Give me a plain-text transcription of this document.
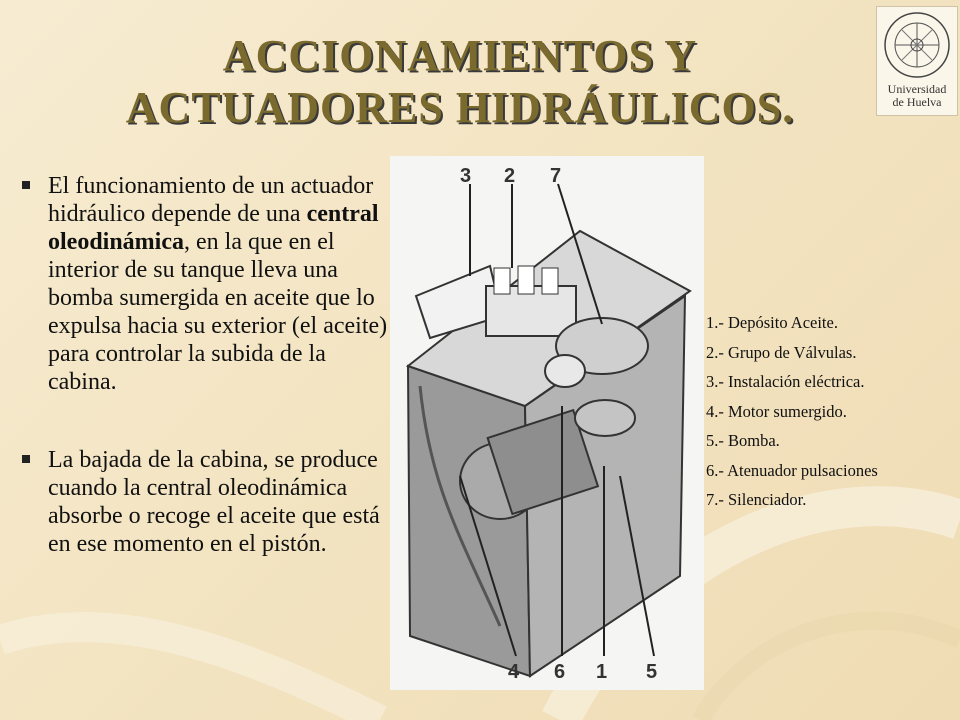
ACCIONAMIENTOS Y
ACTUADORES HIDRÁULICOS.	Universidad
de Huelva

El funcionamiento de un actuador hidráulico depende de una central oleodinámica, en la que en el interior de su tanque lleva una bomba sumergida en aceite que lo expulsa hacia su exterior (el aceite) para controlar la subida de la cabina.

La bajada de la cabina, se produce cuando la central oleodinámica absorbe o recoge el aceite que está en ese momento en el pistón.

3 2 7
4 6 1 5
1.- Depósito Aceite.
2.- Grupo de Válvulas.
3.- Instalación eléctrica.
4.- Motor sumergido.
5.- Bomba.
6.- Atenuador pulsaciones
7.- Silenciador.
